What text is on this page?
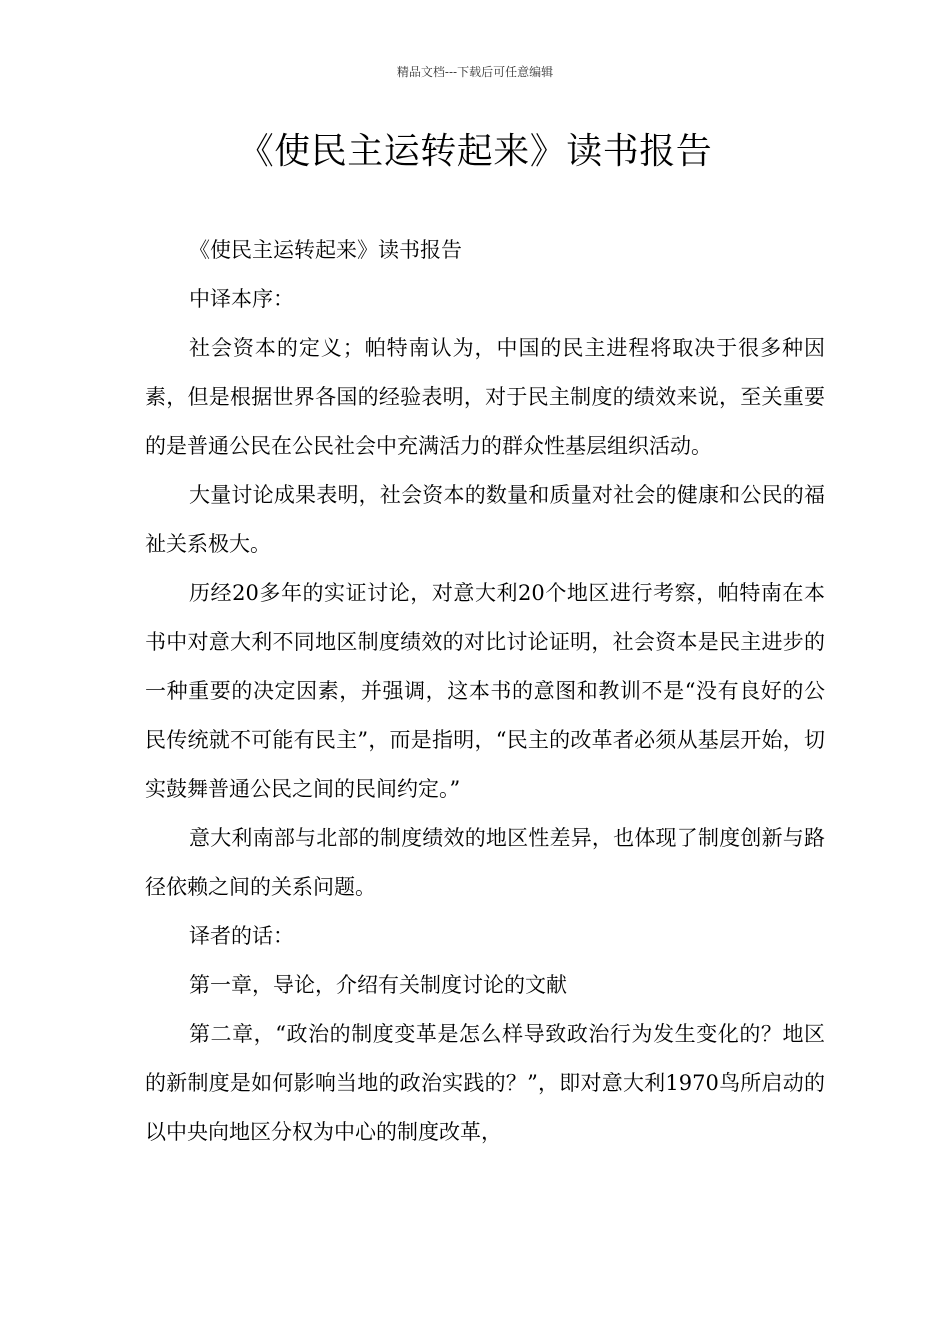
精品文档---下载后可任意编辑

《使民主运转起来》读书报告

《使民主运转起来》读书报告

中译本序：

社会资本的定义；帕特南认为，中国的民主进程将取决于很多种因素，但是根据世界各国的经验表明，对于民主制度的绩效来说，至关重要的是普通公民在公民社会中充满活力的群众性基层组织活动。

大量讨论成果表明，社会资本的数量和质量对社会的健康和公民的福祉关系极大。

历经20多年的实证讨论，对意大利20个地区进行考察，帕特南在本书中对意大利不同地区制度绩效的对比讨论证明，社会资本是民主进步的一种重要的决定因素，并强调，这本书的意图和教训不是“没有良好的公民传统就不可能有民主”，而是指明，“民主的改革者必须从基层开始，切实鼓舞普通公民之间的民间约定。”

意大利南部与北部的制度绩效的地区性差异，也体现了制度创新与路径依赖之间的关系问题。

译者的话：

第一章，导论，介绍有关制度讨论的文献

第二章，“政治的制度变革是怎么样导致政治行为发生变化的？地区的新制度是如何影响当地的政治实践的？”，即对意大利1970鸟所启动的以中央向地区分权为中心的制度改革，
